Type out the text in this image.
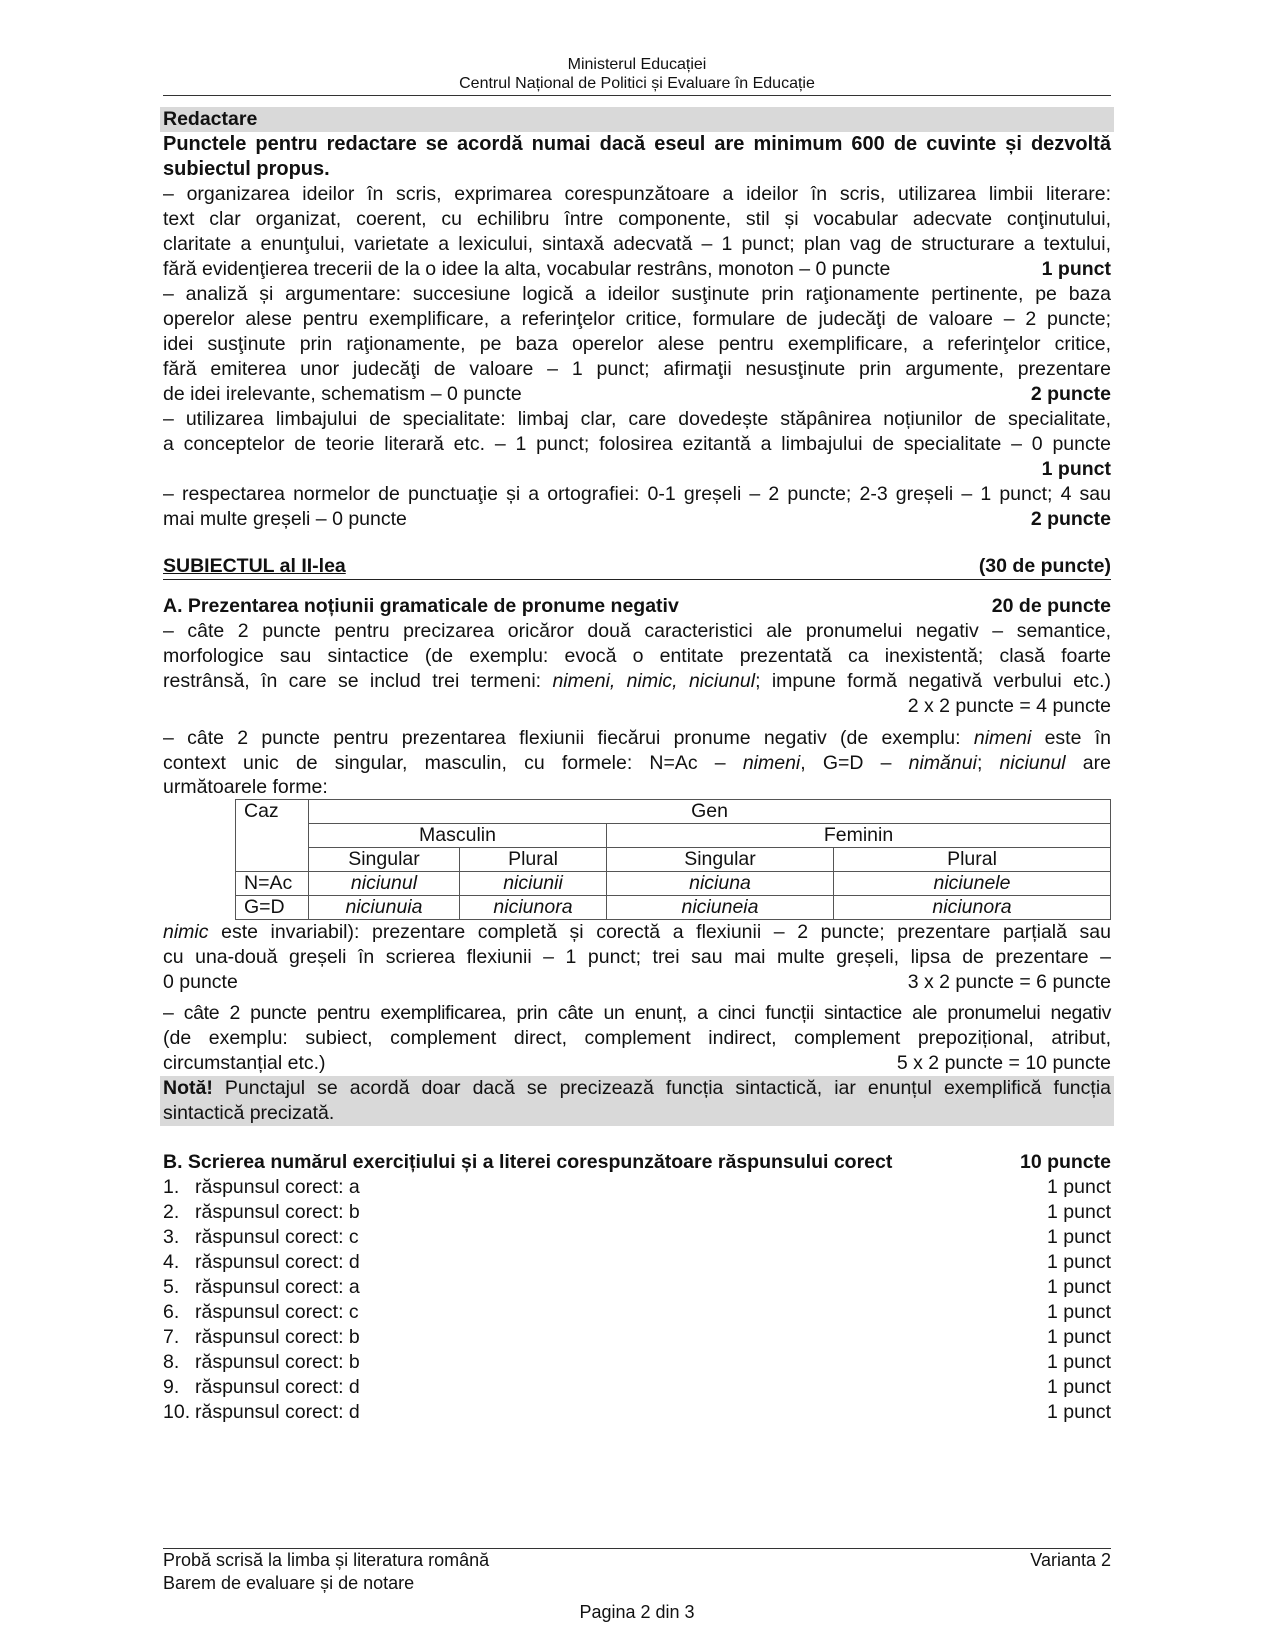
Ministerul Educației
Centrul Național de Politici și Evaluare în Educație
Redactare
Punctele pentru redactare se acordă numai dacă eseul are minimum 600 de cuvinte și dezvoltă subiectul propus.
– organizarea ideilor în scris, exprimarea corespunzătoare a ideilor în scris, utilizarea limbii literare:
text clar organizat, coerent, cu echilibru între componente, stil și vocabular adecvate conţinutului,
claritate a enunţului, varietate a lexicului, sintaxă adecvată – 1 punct; plan vag de structurare a textului,
fără evidenţierea trecerii de la o idee la alta, vocabular restrâns, monoton – 0 puncte	1 punct
– analiză și argumentare: succesiune logică a ideilor susţinute prin raţionamente pertinente, pe baza
operelor alese pentru exemplificare, a referinţelor critice, formulare de judecăţi de valoare – 2 puncte;
idei susţinute prin raţionamente, pe baza operelor alese pentru exemplificare, a referinţelor critice,
fără emiterea unor judecăţi de valoare – 1 punct; afirmaţii nesusţinute prin argumente, prezentare
de idei irelevante, schematism – 0 puncte	2 puncte
– utilizarea limbajului de specialitate: limbaj clar, care dovedește stăpânirea noțiunilor de specialitate,
a conceptelor de teorie literară etc. – 1 punct; folosirea ezitantă a limbajului de specialitate – 0 puncte
1 punct
– respectarea normelor de punctuaţie și a ortografiei: 0-1 greșeli – 2 puncte; 2-3 greșeli – 1 punct; 4 sau
mai multe greșeli – 0 puncte	2 puncte
SUBIECTUL al II-lea	(30 de puncte)
A. Prezentarea noțiunii gramaticale de pronume negativ	20 de puncte
– câte 2 puncte pentru precizarea oricăror două caracteristici ale pronumelui negativ – semantice,
morfologice sau sintactice (de exemplu: evocă o entitate prezentată ca inexistentă; clasă foarte
restrânsă, în care se includ trei termeni: nimeni, nimic, niciunul; impune formă negativă verbului etc.)
2 x 2 puncte = 4 puncte
– câte 2 puncte pentru prezentarea flexiunii fiecărui pronume negativ (de exemplu: nimeni este în
context unic de singular, masculin, cu formele: N=Ac – nimeni, G=D – nimănui; niciunul are
următoarele forme:
Caz	Gen			
	Masculin		Feminin	
	Singular	Plural	Singular	Plural
N=Ac	niciunul	niciunii	niciuna	niciunele
G=D	niciunuia	niciunora	niciuneia	niciunora
nimic este invariabil): prezentare completă și corectă a flexiunii – 2 puncte; prezentare parțială sau
cu una-două greșeli în scrierea flexiunii – 1 punct; trei sau mai multe greșeli, lipsa de prezentare –
0 puncte	3 x 2 puncte = 6 puncte
– câte 2 puncte pentru exemplificarea, prin câte un enunț, a cinci funcții sintactice ale pronumelui negativ
(de exemplu: subiect, complement direct, complement indirect, complement prepozițional, atribut,
circumstanțial etc.)	5 x 2 puncte = 10 puncte
Notă! Punctajul se acordă doar dacă se precizează funcția sintactică, iar enunțul exemplifică funcția sintactică precizată.
B. Scrierea numărul exercițiului și a literei corespunzătoare răspunsului corect	10 puncte
1. răspunsul corect: a	1 punct
2. răspunsul corect: b	1 punct
3. răspunsul corect: c	1 punct
4. răspunsul corect: d	1 punct
5. răspunsul corect: a	1 punct
6. răspunsul corect: c	1 punct
7. răspunsul corect: b	1 punct
8. răspunsul corect: b	1 punct
9. răspunsul corect: d	1 punct
10. răspunsul corect: d	1 punct
Probă scrisă la limba și literatura română	Varianta 2
Barem de evaluare și de notare
Pagina 2 din 3
